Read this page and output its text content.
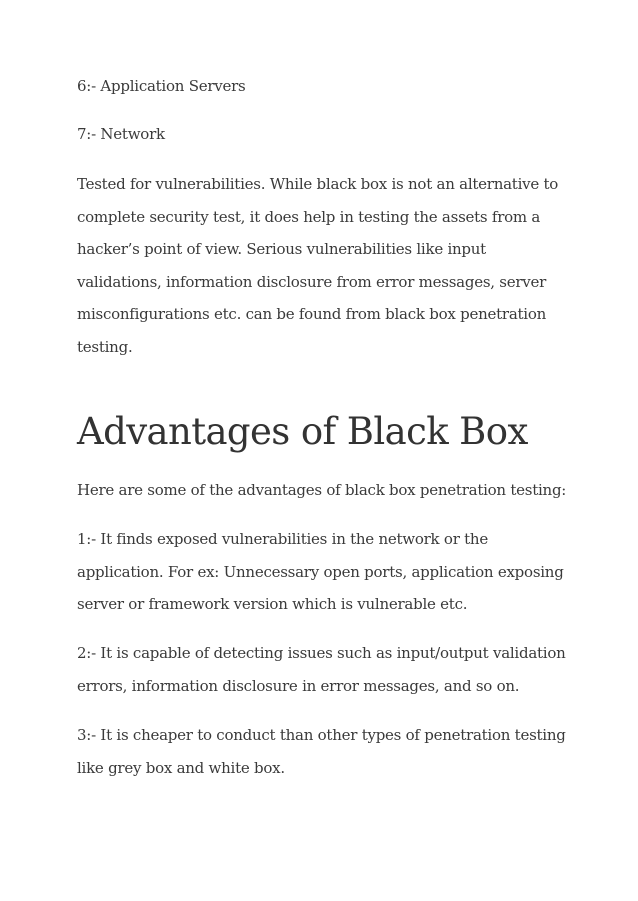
6:- Application Servers

7:- Network

Tested for vulnerabilities. While black box is not an alternative to
complete security test, it does help in testing the assets from a
hacker’s point of view. Serious vulnerabilities like input
validations, information disclosure from error messages, server
misconfigurations etc. can be found from black box penetration
testing.

Advantages of Black Box

Here are some of the advantages of black box penetration testing:

1:- It finds exposed vulnerabilities in the network or the
application. For ex: Unnecessary open ports, application exposing
server or framework version which is vulnerable etc.

2:- It is capable of detecting issues such as input/output validation
errors, information disclosure in error messages, and so on.

3:- It is cheaper to conduct than other types of penetration testing
like grey box and white box.
